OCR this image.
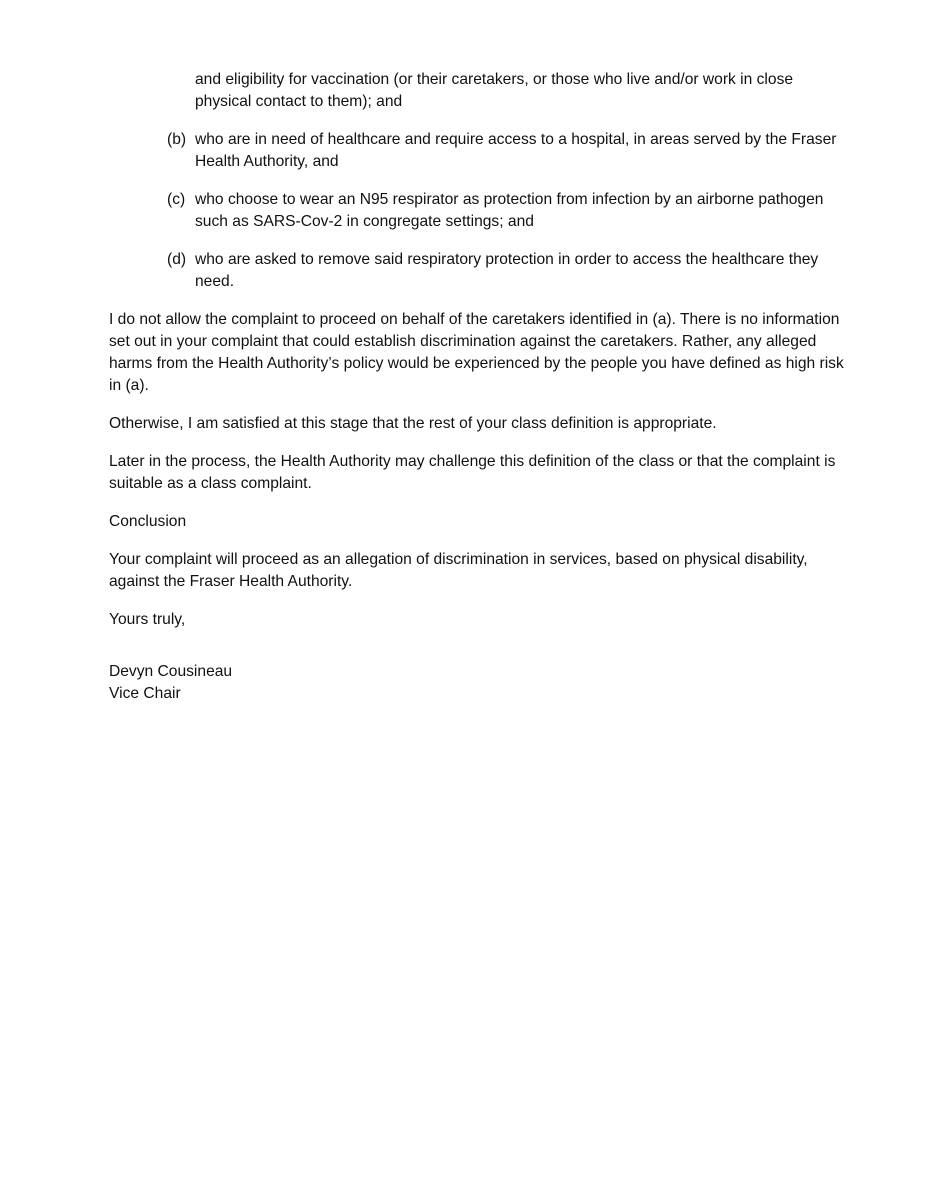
and eligibility for vaccination (or their caretakers, or those who live and/or work in close physical contact to them); and

(b) who are in need of healthcare and require access to a hospital, in areas served by the Fraser Health Authority, and
(c) who choose to wear an N95 respirator as protection from infection by an airborne pathogen such as SARS-Cov-2 in congregate settings; and
(d) who are asked to remove said respiratory protection in order to access the healthcare they need.

I do not allow the complaint to proceed on behalf of the caretakers identified in (a). There is no information set out in your complaint that could establish discrimination against the caretakers. Rather, any alleged harms from the Health Authority’s policy would be experienced by the people you have defined as high risk in (a).

Otherwise, I am satisfied at this stage that the rest of your class definition is appropriate.

Later in the process, the Health Authority may challenge this definition of the class or that the complaint is suitable as a class complaint.

Conclusion

Your complaint will proceed as an allegation of discrimination in services, based on physical disability, against the Fraser Health Authority.

Yours truly,

Devyn Cousineau

Vice Chair
